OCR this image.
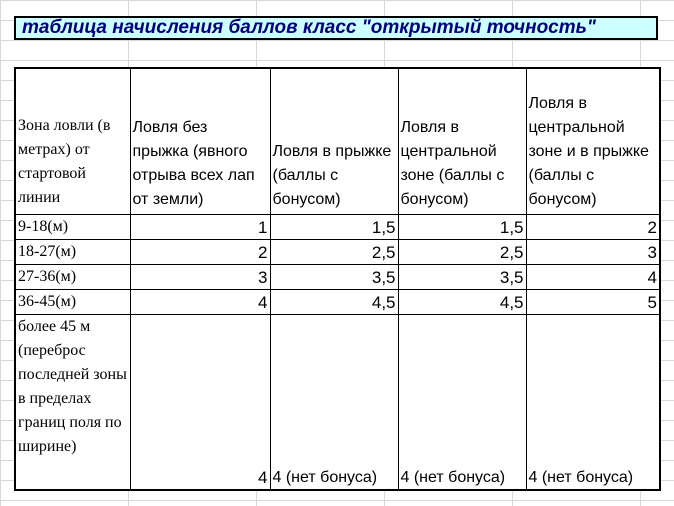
таблица начисления баллов класс "открытый точность"
Зона ловли (в метрах) от стартовой линии	Ловля без прыжка (явного отрыва всех лап от земли)	Ловля в прыжке (баллы с бонусом)	Ловля в центральной зоне (баллы с бонусом)	Ловля в центральной зоне и в прыжке (баллы с бонусом)
9-18(м)	1	1,5	1,5	2
18-27(м)	2	2,5	2,5	3
27-36(м)	3	3,5	3,5	4
36-45(м)	4	4,5	4,5	5
более 45 м (переброс последней зоны в пределах границ поля по ширине)	4	4 (нет бонуса)	4 (нет бонуса)	4 (нет бонуса)
